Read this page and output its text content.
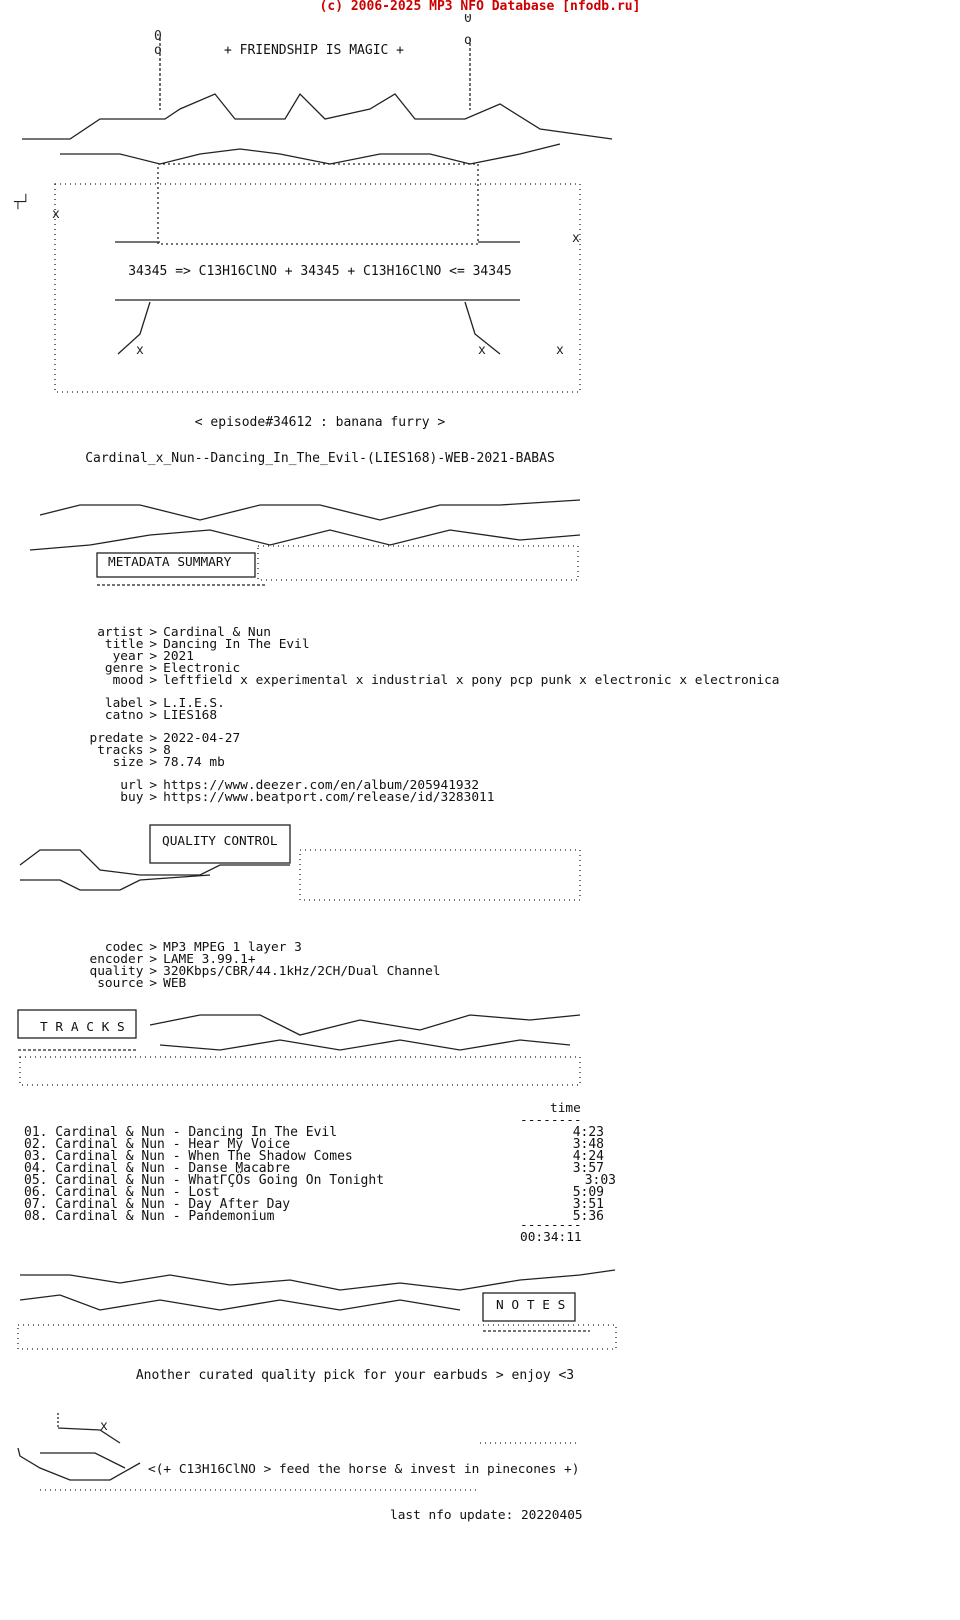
(c) 2006-2025 MP3 NFO Database [nfodb.ru]
0
o
0
o
x
x
x	x	x
┬┘
+ FRIENDSHIP IS MAGIC +
34345 => C13H16ClNO + 34345 + C13H16ClNO <= 34345
< episode#34612 : banana furry >
Cardinal_x_Nun--Dancing_In_The_Evil-(LIES168)-WEB-2021-BABAS
METADATA SUMMARY

artist > Cardinal & Nun

title > Dancing In The Evil

year > 2021

genre > Electronic

mood > leftfield x experimental x industrial x pony pcp punk x electronic x electronica

label > L.I.E.S.

catno > LIES168

predate > 2022-04-27

tracks > 8

size > 78.74 mb

url > https://www.deezer.com/en/album/205941932

buy > https://www.beatport.com/release/id/3283011

QUALITY CONTROL

codec > MP3 MPEG 1 layer 3

encoder > LAME 3.99.1+

quality > 320Kbps/CBR/44.1kHz/2CH/Dual Channel

source > WEB

T R A C K S
time
--------
01. Cardinal & Nun - Dancing In The Evil	4:23
02. Cardinal & Nun - Hear My Voice	3:48
03. Cardinal & Nun - When The Shadow Comes	4:24
04. Cardinal & Nun - Danse Macabre	3:57
05. Cardinal & Nun - WhatΓÇÖs Going On Tonight	3:03
06. Cardinal & Nun - Lost	5:09
07. Cardinal & Nun - Day After Day	3:51
08. Cardinal & Nun - Pandemonium	5:36
--------
00:34:11
N O T E S
Another curated quality pick for your earbuds > enjoy <3
x
<(+ C13H16ClNO > feed the horse & invest in pinecones +)
last nfo update: 20220405
